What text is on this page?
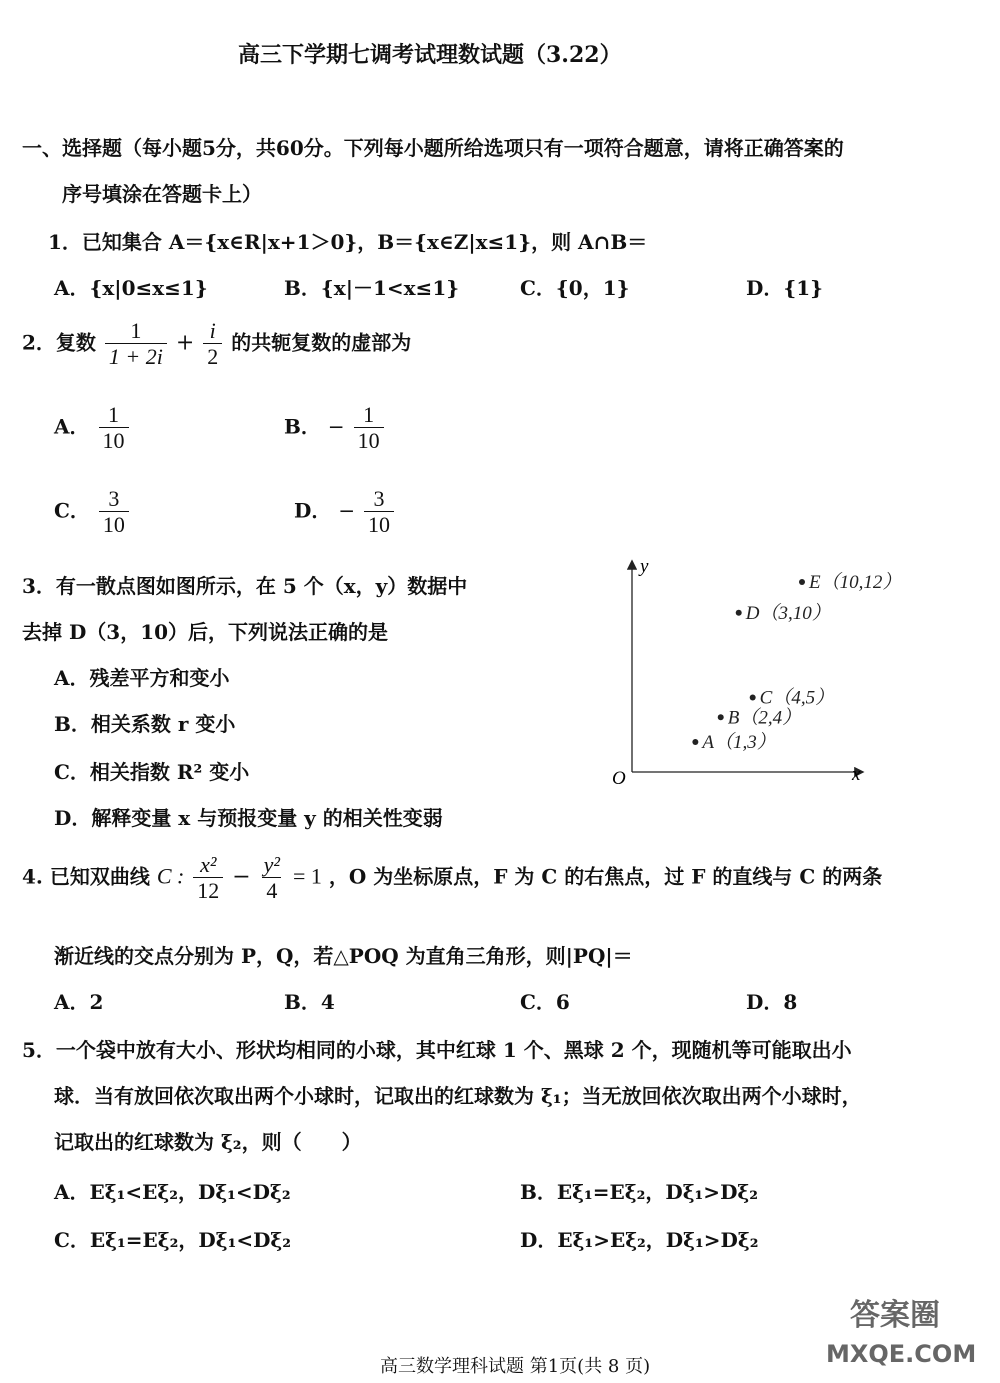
高三下学期七调考试理数试题（3.22）
一、选择题（每小题5分，共60分。下列每小题所给选项只有一项符合题意，请将正确答案的
序号填涂在答题卡上）
1．已知集合 A＝{x∈R|x+1＞0}，B＝{x∈Z|x≤1}，则 A∩B＝
A．{x|0≤x≤1}	B．{x|－1<x≤1}	C．{0，1}	D．{1}
2．复数 $\frac{1}{1 + 2i} + \frac{i}{2}$ 的共轭复数的虚部为
A． $\frac{1}{10}$	B． − $\frac{1}{10}$
C． $\frac{3}{10}$	D． − $\frac{3}{10}$
3．有一散点图如图所示，在 5 个（x，y）数据中
去掉 D（3，10）后，下列说法正确的是
A．残差平方和变小
B．相关系数 r 变小
C．相关指数 R² 变小
D．解释变量 x 与预报变量 y 的相关性变弱
x
y
O
A（1,3）
B（2,4）
C（4,5）
D（3,10）
E（10,12）
4. 已知双曲线 C : $\frac{\text{x²}}{12} - \frac{\text{y²}}{4} = 1$ ，O 为坐标原点，F 为 C 的右焦点，过 F 的直线与 C 的两条
渐近线的交点分别为 P，Q，若△POQ 为直角三角形，则|PQ|＝
A．2	B．4	C．6	D．8
5．一个袋中放有大小、形状均相同的小球，其中红球 1 个、黑球 2 个，现随机等可能取出小
球．当有放回依次取出两个小球时，记取出的红球数为 ξ₁；当无放回依次取出两个小球时，
记取出的红球数为 ξ₂，则（　　）
A．Eξ₁<Eξ₂，Dξ₁<Dξ₂	B．Eξ₁=Eξ₂，Dξ₁>Dξ₂
C．Eξ₁=Eξ₂，Dξ₁<Dξ₂	D．Eξ₁>Eξ₂，Dξ₁>Dξ₂
答案圈
MXQE.COM
高三数学理科试题 第1页(共 8 页)
